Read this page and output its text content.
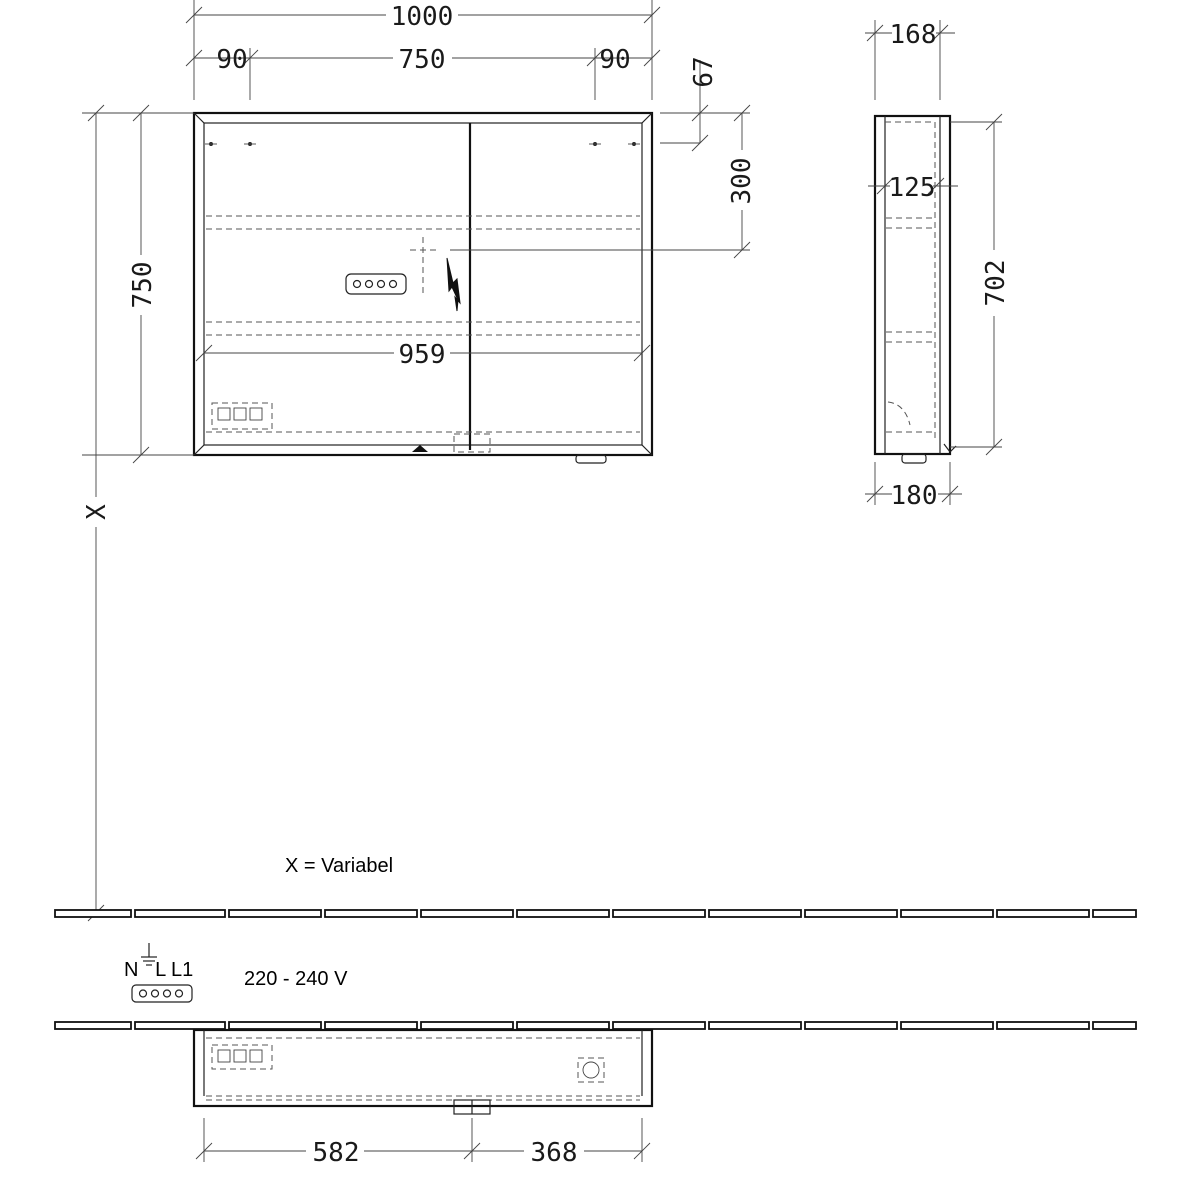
1000
90	750	90 67
300
750
X
959
168
125
702
180
X = Variabel
N   L L1	220 - 240 V
582	368
